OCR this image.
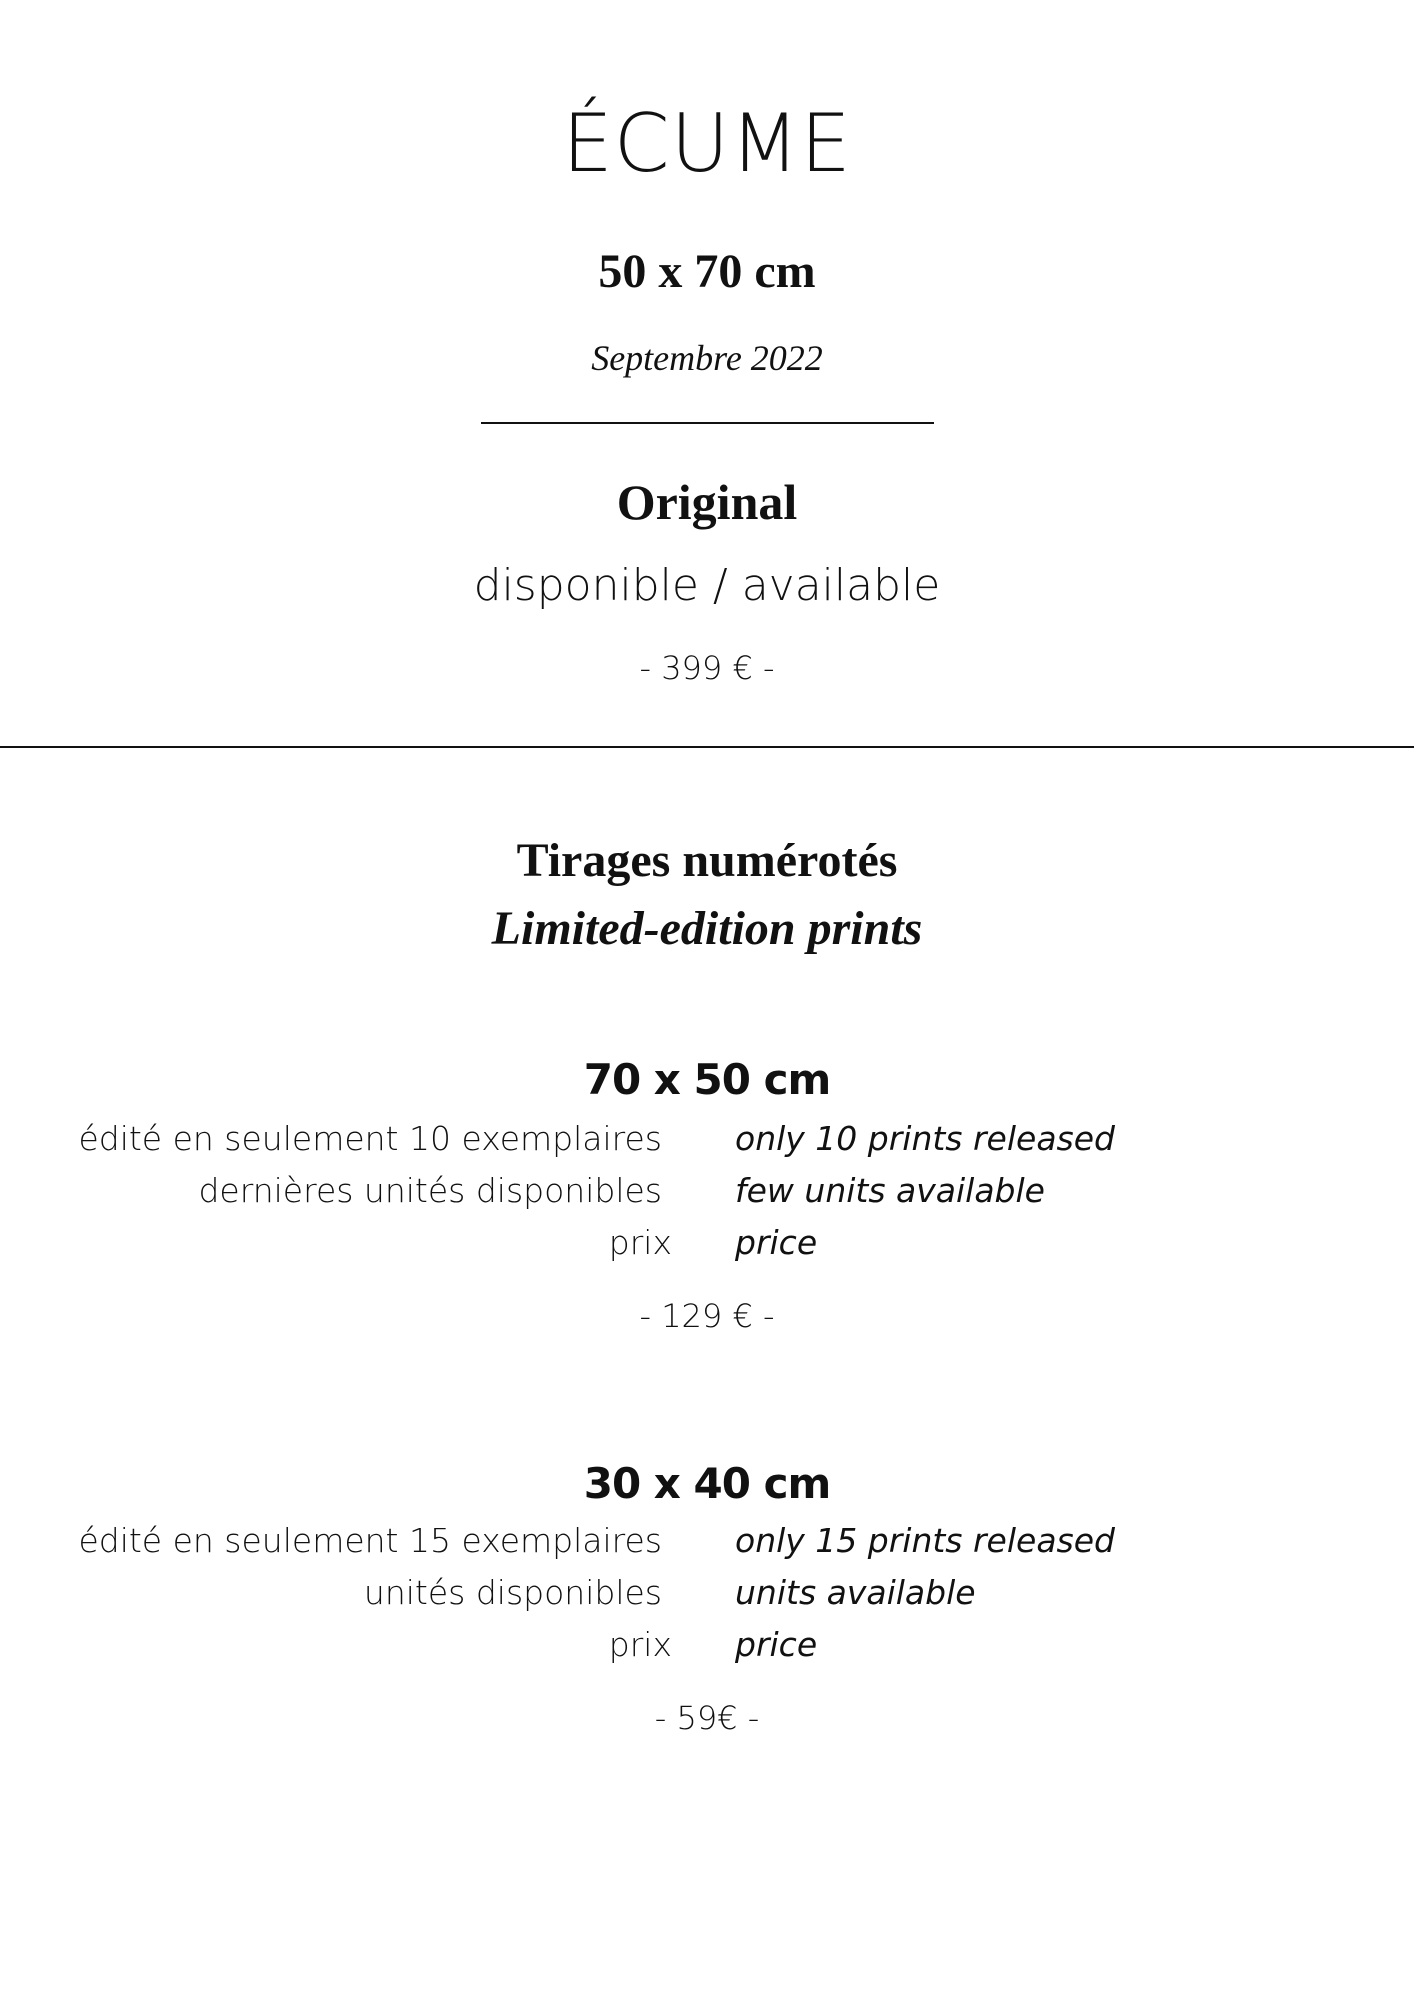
ÉCUME
50 x 70 cm
Septembre 2022
Original
disponible / available
- 399 € -
Tirages numérotés
Limited-edition prints
70 x 50 cm
édité en seulement 10 exemplaires only 10 prints released
dernières unités disponibles few units available
prix price
- 129 € -
30 x 40 cm
édité en seulement 15 exemplaires only 15 prints released
unités disponibles units available
prix price
- 59€ -
